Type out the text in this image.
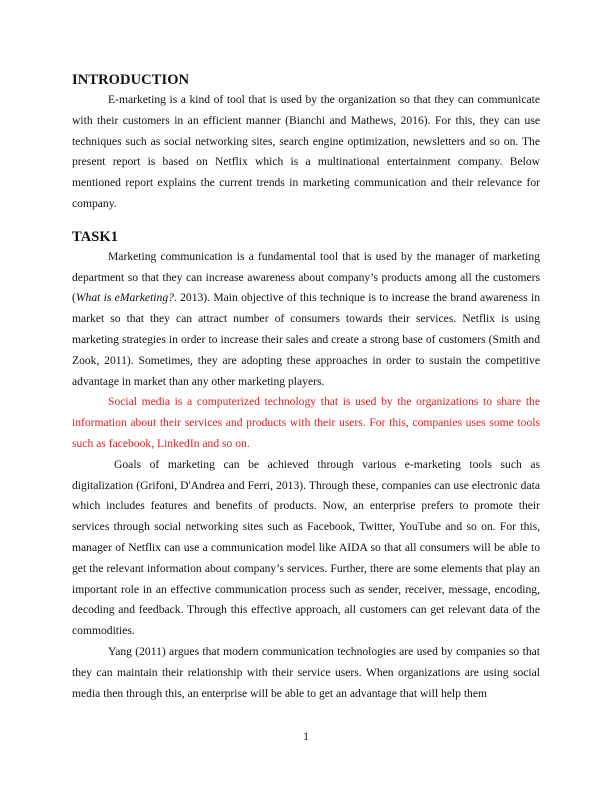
INTRODUCTION

E-marketing is a kind of tool that is used by the organization so that they can communicate with their customers in an efficient manner (Bianchi and Mathews, 2016). For this, they can use techniques such as social networking sites, search engine optimization, newsletters and so on. The present report is based on Netflix which is a multinational entertainment company. Below mentioned report explains the current trends in marketing communication and their relevance for company.

TASK1

Marketing communication is a fundamental tool that is used by the manager of marketing department so that they can increase awareness about company’s products among all the customers (What is eMarketing?. 2013). Main objective of this technique is to increase the brand awareness in market so that they can attract number of consumers towards their services. Netflix is using marketing strategies in order to increase their sales and create a strong base of customers (Smith and Zook, 2011). Sometimes, they are adopting these approaches in order to sustain the competitive advantage in market than any other marketing players.

Social media is a computerized technology that is used by the organizations to share the information about their services and products with their users. For this, companies uses some tools such as facebook, LinkedIn and so on.

Goals of marketing can be achieved through various e-marketing tools such as digitalization (Grifoni, D'Andrea and Ferri, 2013). Through these, companies can use electronic data which includes features and benefits of products. Now, an enterprise prefers to promote their services through social networking sites such as Facebook, Twitter, YouTube and so on. For this, manager of Netflix can use a communication model like AIDA so that all consumers will be able to get the relevant information about company’s services. Further, there are some elements that play an important role in an effective communication process such as sender, receiver, message, encoding, decoding and feedback. Through this effective approach, all customers can get relevant data of the commodities.

Yang (2011) argues that modern communication technologies are used by companies so that they can maintain their relationship with their service users. When organizations are using social media then through this, an enterprise will be able to get an advantage that will help them

1
